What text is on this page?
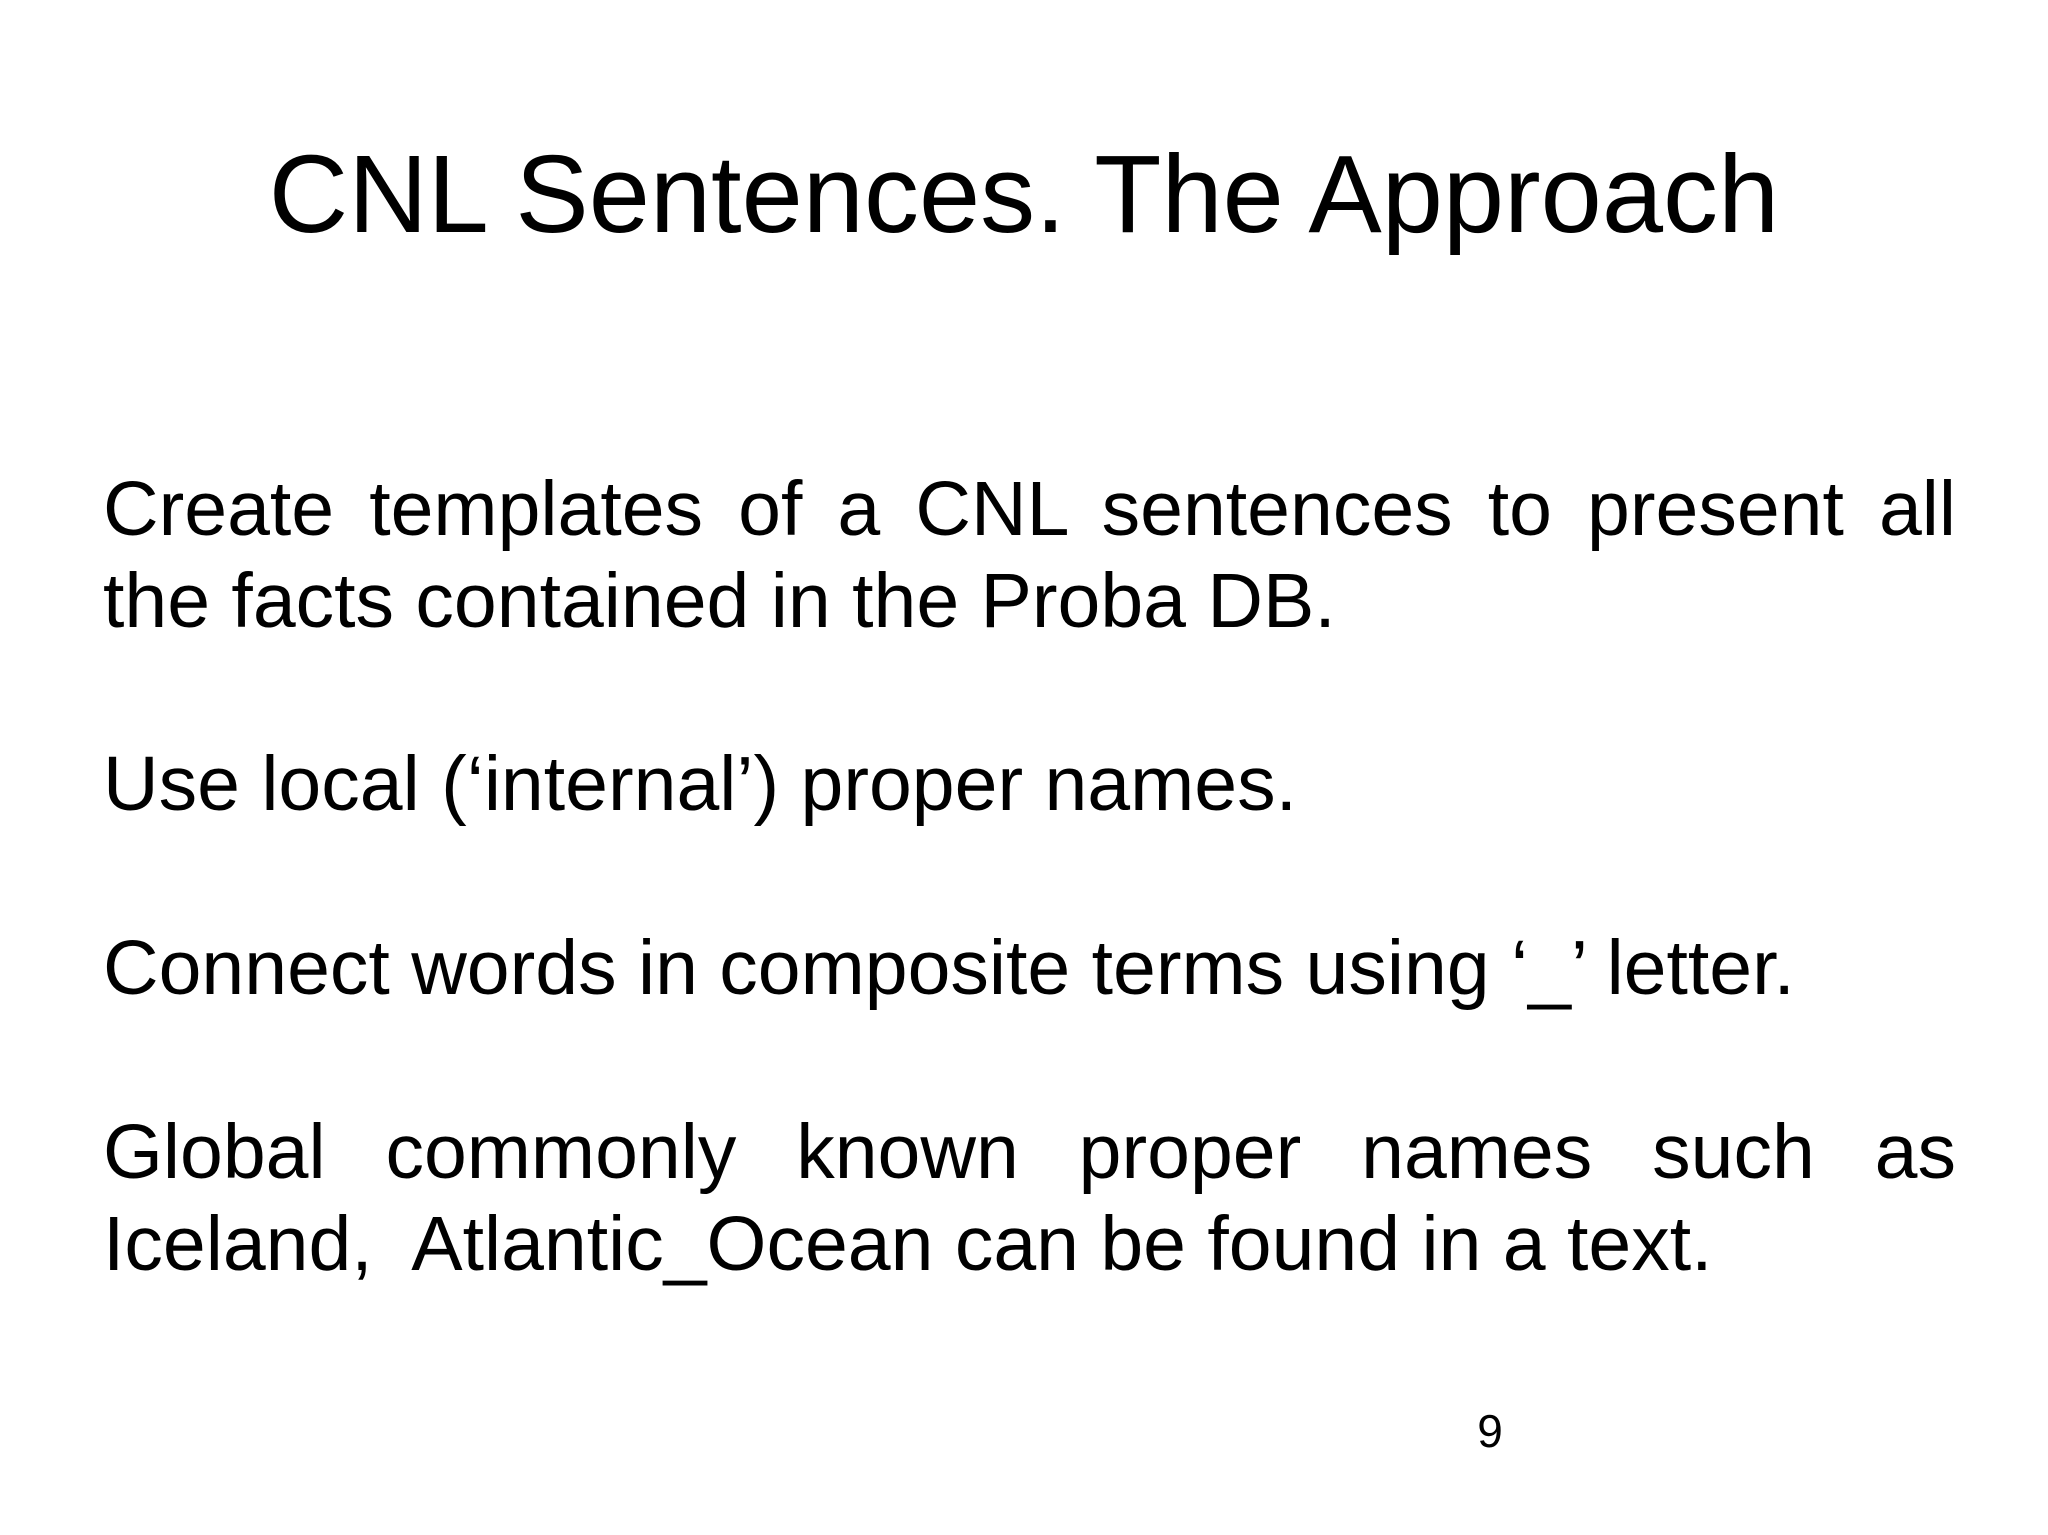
CNL Sentences. The Approach

Create templates of a CNL sentences to present all the facts contained in the Proba DB.

Use local (‘internal’) proper names.

Connect words in composite terms using ‘_’ letter.

Global commonly known proper names such as Iceland,  Atlantic_Ocean can be found in a text.

9
